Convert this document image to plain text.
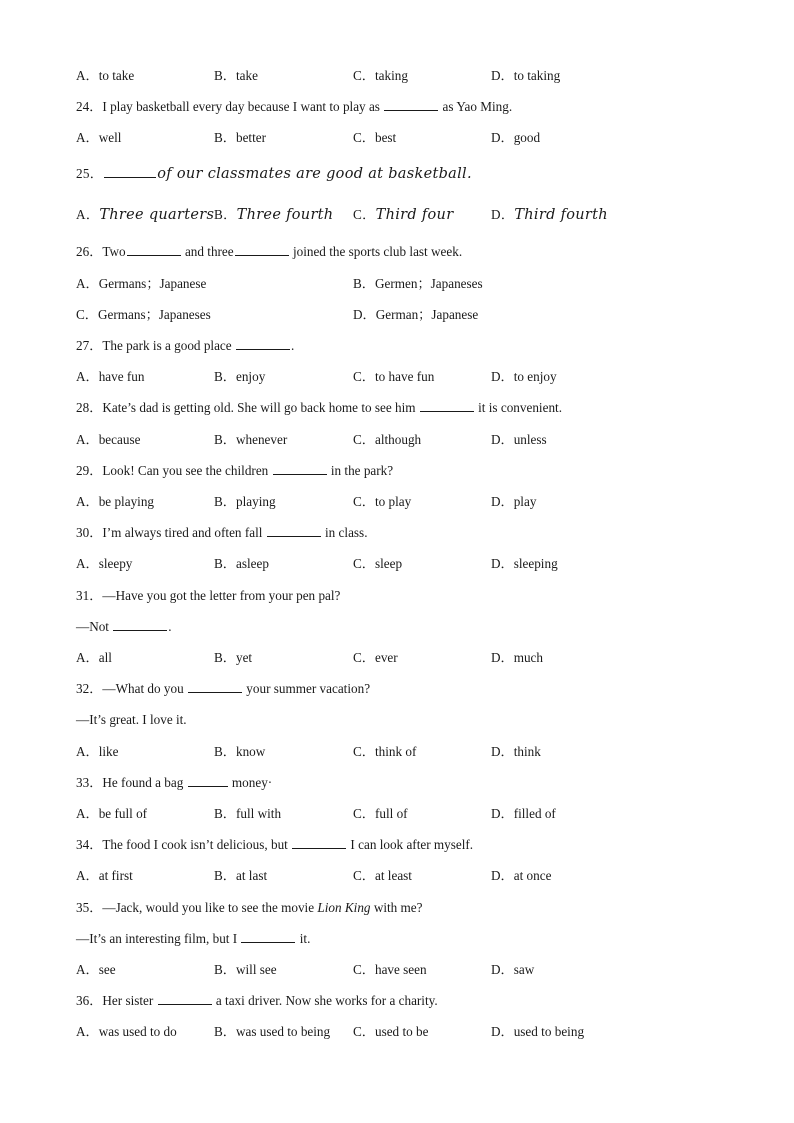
A．to take	B．take	C．taking	D．to taking
24．I play basketball every day because I want to play as	as Yao Ming.
A．well	B．better	C．best	D．good
25．	of our classmates are good at basketball.
A．Three quarters B．Three fourth C．Third four	D．Third fourth
26．Two	and three	joined the sports club last week.
A．Germans；Japanese	B．Germen；Japaneses
C．Germans；Japaneses	D．German；Japanese
27．The park is a good place	.
A．have fun	B．enjoy	C．to have fun	D．to enjoy
28．Kate’s dad is getting old. She will go back home to see him	it is convenient.
A．because	B．whenever	C．although	D．unless
29．Look! Can you see the children	in the park?
A．be playing	B．playing	C．to play	D．play
30．I’m always tired and often fall	in class.
A．sleepy	B．asleep	C．sleep	D．sleeping
31．—Have you got the letter from your pen pal?
—Not	.
A．all	B．yet	C．ever	D．much
32．—What do you	your summer vacation?
—It’s great. I love it.
A．like	B．know	C．think of	D．think
33．He found a bag	money·
A．be full of	B．full with	C．full of	D．filled of
34．The food I cook isn’t delicious, but	I can look after myself.
A．at first	B．at last	C．at least	D．at once
35．—Jack, would you like to see the movie Lion King with me?
—It’s an interesting film, but I	it.
A．see	B．will see	C．have seen	D．saw
36．Her sister	a taxi driver. Now she works for a charity.
A．was used to do	B．was used to being C．used to be	D．used to being
